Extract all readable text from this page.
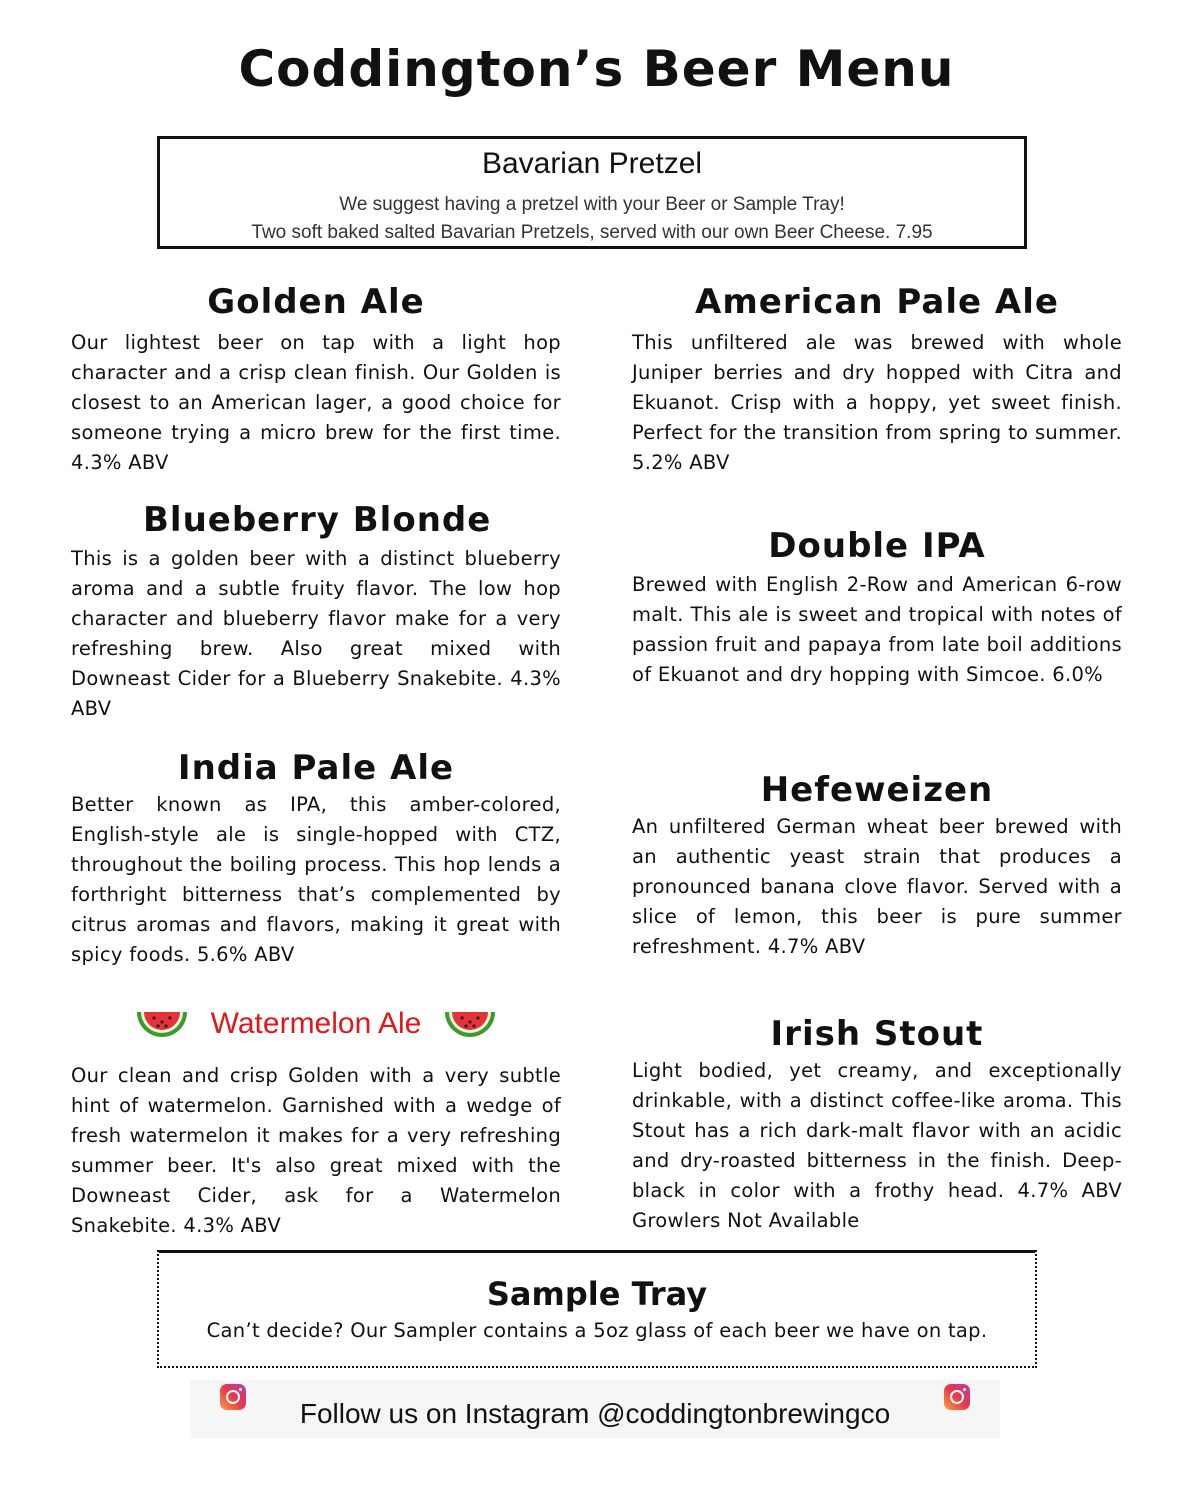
Coddington’s Beer Menu
Bavarian Pretzel
We suggest having a pretzel with your Beer or Sample Tray!
Two soft baked salted Bavarian Pretzels, served with our own Beer Cheese. 7.95
Golden Ale

Our lightest beer on tap with a light hop character and a crisp clean finish. Our Golden is closest to an American lager, a good choice for someone trying a micro brew for the first time. 4.3% ABV

Blueberry Blonde

This is a golden beer with a distinct blueberry aroma and a subtle fruity flavor. The low hop character and blueberry flavor make for a very refreshing brew. Also great mixed with Downeast Cider for a Blueberry Snakebite. 4.3% ABV

India Pale Ale

Better known as IPA, this amber-colored, English-style ale is single-hopped with CTZ, throughout the boiling process. This hop lends a forthright bitterness that’s complemented by citrus aromas and flavors, making it great with spicy foods. 5.6% ABV

Watermelon Ale

Our clean and crisp Golden with a very subtle hint of watermelon. Garnished with a wedge of fresh watermelon it makes for a very refreshing summer beer. It's also great mixed with the Downeast Cider, ask for a Watermelon Snakebite. 4.3% ABV

American Pale Ale

This unfiltered ale was brewed with whole Juniper berries and dry hopped with Citra and Ekuanot. Crisp with a hoppy, yet sweet finish. Perfect for the transition from spring to summer. 5.2% ABV

Double IPA

Brewed with English 2-Row and American 6-row malt. This ale is sweet and tropical with notes of passion fruit and papaya from late boil additions of Ekuanot and dry hopping with Simcoe. 6.0%

Hefeweizen

An unfiltered German wheat beer brewed with an authentic yeast strain that produces a pronounced banana clove flavor. Served with a slice of lemon, this beer is pure summer refreshment. 4.7% ABV

Irish Stout

Light bodied, yet creamy, and exceptionally drinkable, with a distinct coffee-like aroma. This Stout has a rich dark-malt flavor with an acidic and dry-roasted bitterness in the finish. Deep-black in color with a frothy head. 4.7% ABV Growlers Not Available

Sample Tray

Can’t decide? Our Sampler contains a 5oz glass of each beer we have on tap.

Follow us on Instagram @coddingtonbrewingco
